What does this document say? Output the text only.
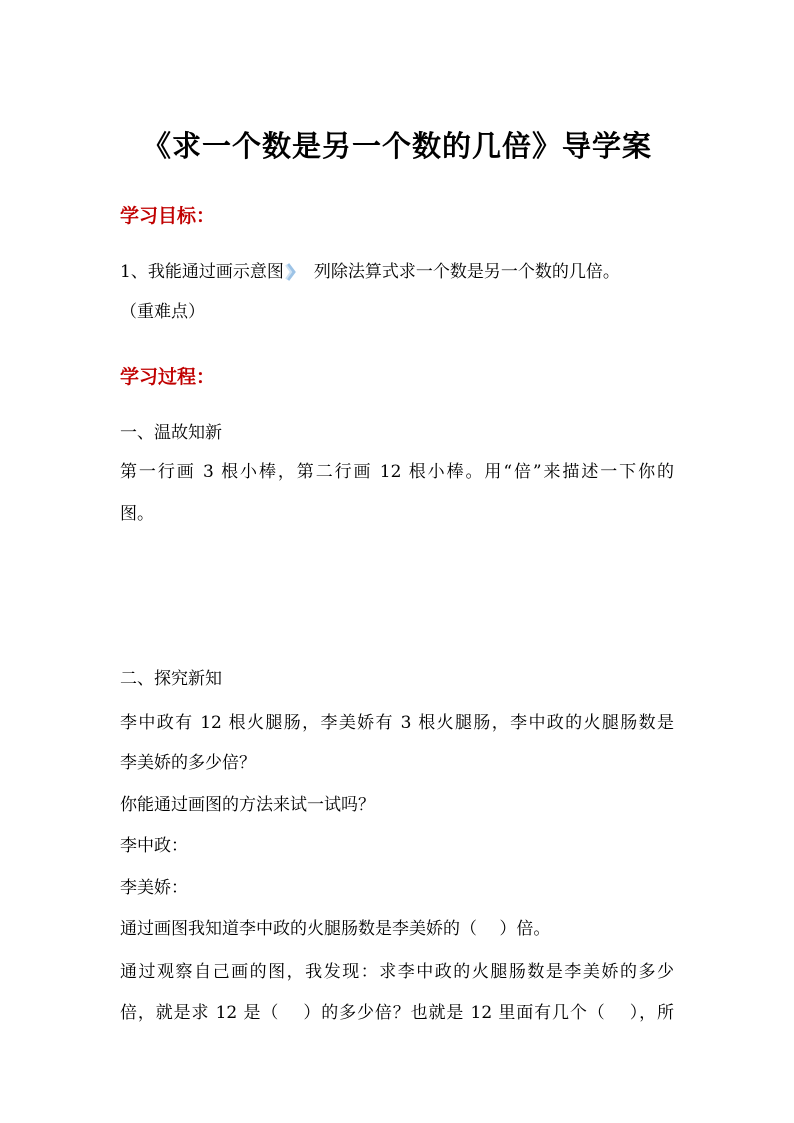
《求一个数是另一个数的几倍》导学案
学习目标：
1、我能通过画示意图 列除法算式求一个数是另一个数的几倍。
（重难点）
学习过程：
一、温故知新
第一行画 3 根小棒，第二行画 12 根小棒。用“倍”来描述一下你的
图。
二、探究新知
李中政有 12 根火腿肠，李美娇有 3 根火腿肠，李中政的火腿肠数是
李美娇的多少倍？
你能通过画图的方法来试一试吗？
李中政：
李美娇：
通过画图我知道李中政的火腿肠数是李美娇的（　 ）倍。
通过观察自己画的图，我发现：求李中政的火腿肠数是李美娇的多少
倍，就是求 12 是（　 ）的多少倍？也就是 12 里面有几个（　 ），所
